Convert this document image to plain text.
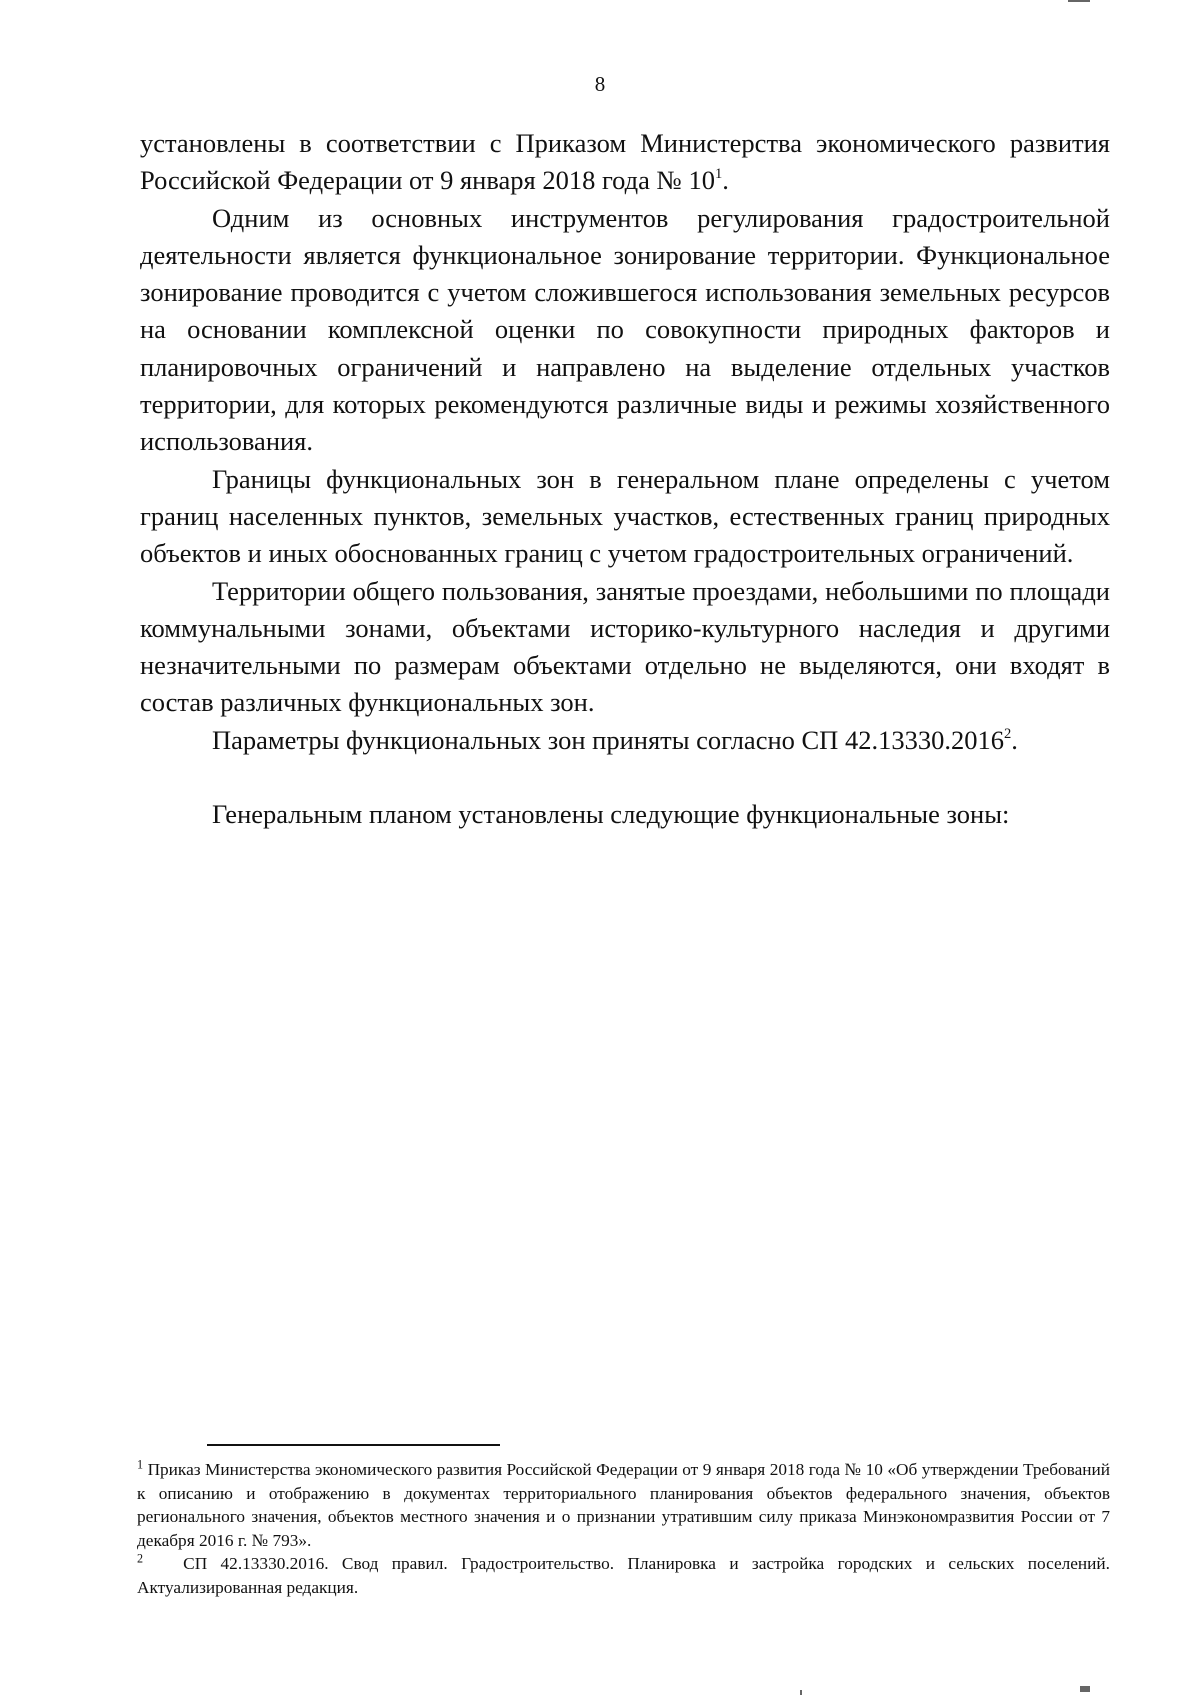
8

установлены в соответствии с Приказом Министерства экономического развития Российской Федерации от 9 января 2018 года № $10^1$.

Одним из основных инструментов регулирования градостроительной деятельности является функциональное зонирование территории. Функциональное зонирование проводится с учетом сложившегося использования земельных ресурсов на основании комплексной оценки по совокупности природных факторов и планировочных ограничений и направлено на выделение отдельных участков территории, для которых рекомендуются различные виды и режимы хозяйственного использования.

Границы функциональных зон в генеральном плане определены с учетом границ населенных пунктов, земельных участков, естественных границ природных объектов и иных обоснованных границ с учетом градостроительных ограничений.

Территории общего пользования, занятые проездами, небольшими по площади коммунальными зонами, объектами историко-культурного наследия и другими незначительными по размерам объектами отдельно не выделяются, они входят в состав различных функциональных зон.

Параметры функциональных зон приняты согласно СП 42.13330.2016$^2$.

Генеральным планом установлены следующие функциональные зоны:

$^1$ Приказ Министерства экономического развития Российской Федерации от 9 января 2018 года № 10 «Об утверждении Требований к описанию и отображению в документах территориального планирования объектов федерального значения, объектов регионального значения, объектов местного значения и о признании утратившим силу приказа Минэкономразвития России от 7 декабря 2016 г. № 793».

$^2$ СП 42.13330.2016. Свод правил. Градостроительство. Планировка и застройка городских и сельских поселений. Актуализированная редакция.
